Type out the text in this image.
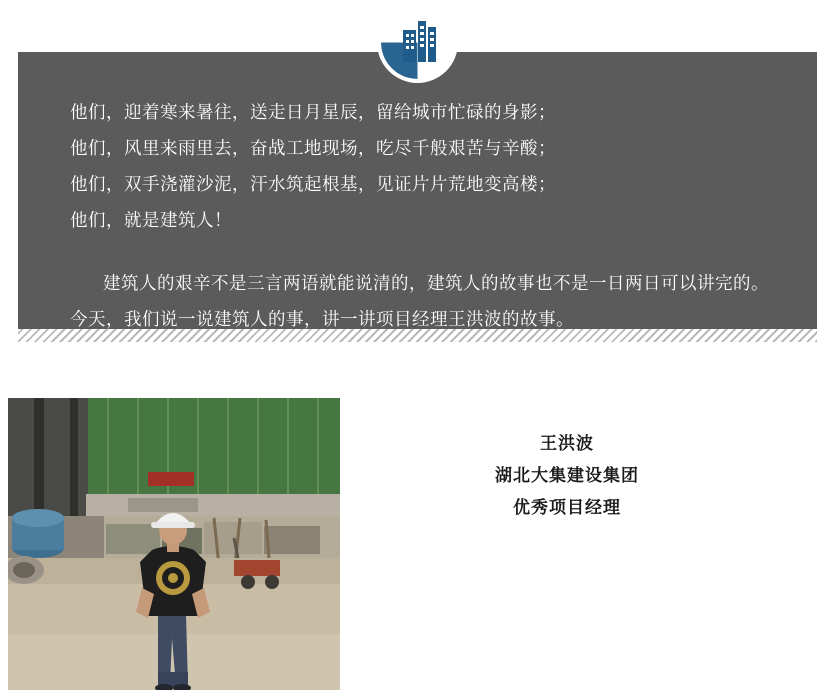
他们，迎着寒来暑往，送走日月星辰，留给城市忙碌的身影；
他们，风里来雨里去，奋战工地现场，吃尽千般艰苦与辛酸；
他们，双手浇灌沙泥，汗水筑起根基，见证片片荒地变高楼；
他们，就是建筑人！
建筑人的艰辛不是三言两语就能说清的，建筑人的故事也不是一日两日可以讲完的。今天，我们说一说建筑人的事，讲一讲项目经理王洪波的故事。
王洪波
湖北大集建设集团
优秀项目经理
